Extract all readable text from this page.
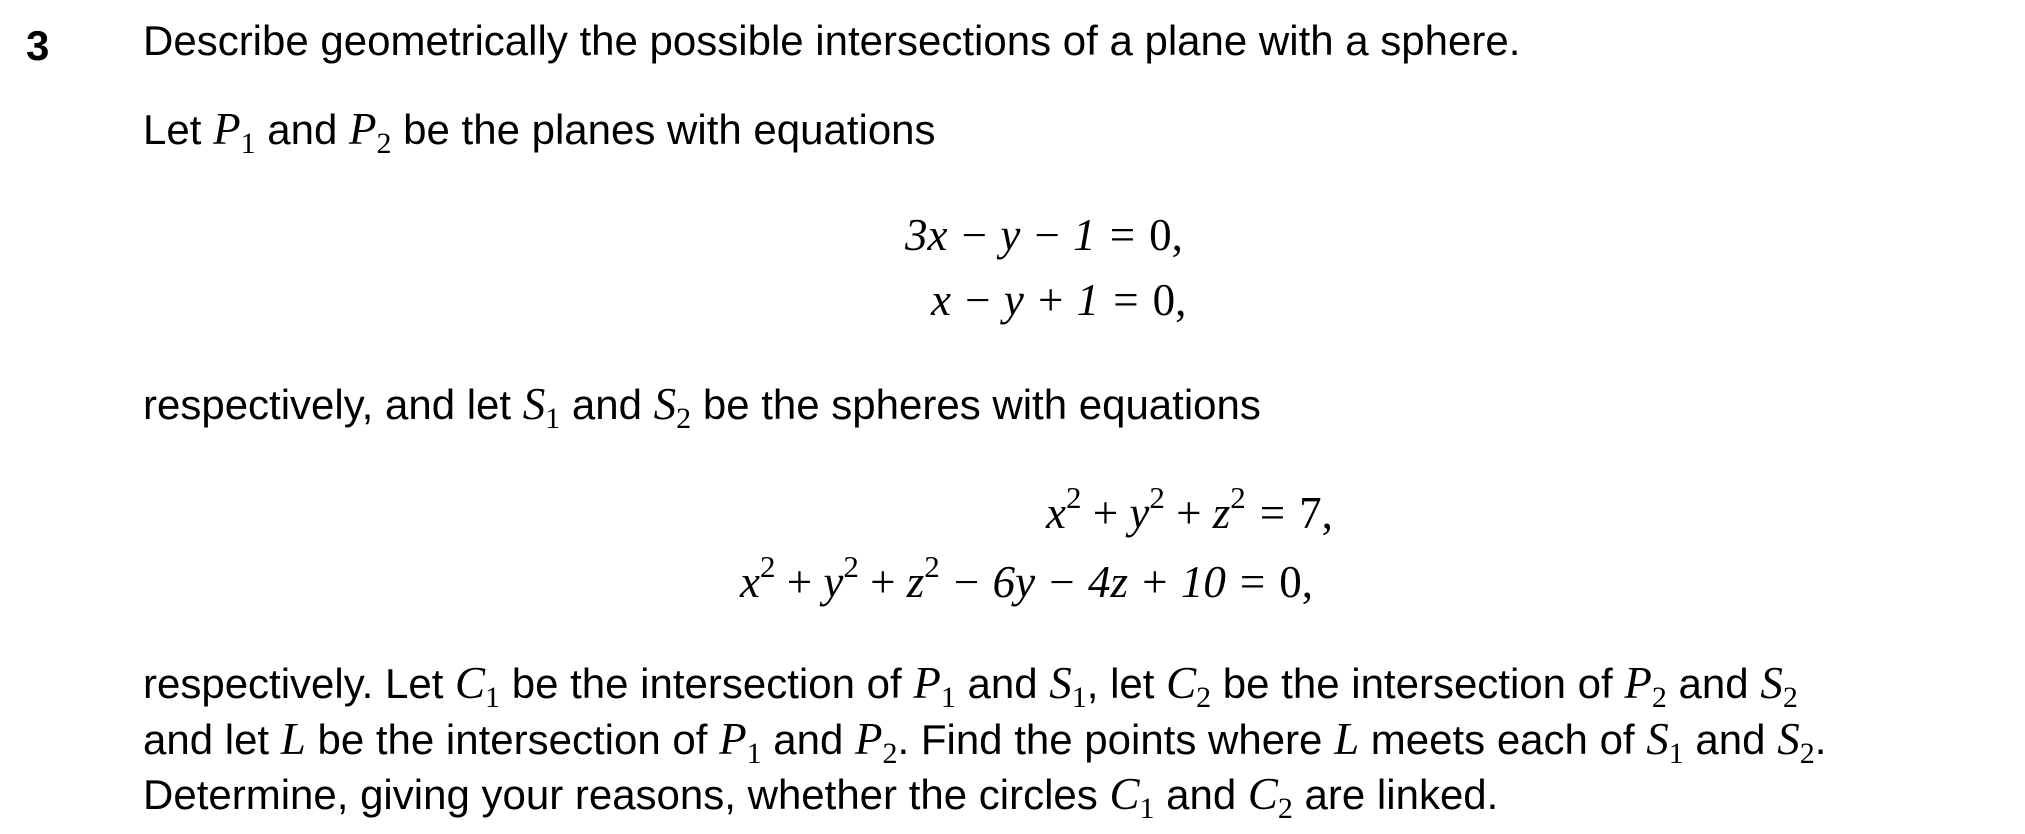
3 Describe geometrically the possible intersections of a plane with a sphere.
Let $P_1$ and $P_2$ be the planes with equations
3x − y − 1 = 0,
x − y + 1 = 0,
respectively, and let $S_1$ and $S_2$ be the spheres with equations
$x^2 + y^2 + z^2 = 7$,
$x^2 + y^2 + z^2 - 6y - 4z + 10 = 0$,
respectively. Let $C_1$ be the intersection of $P_1$ and $S_1$, let $C_2$ be the intersection of $P_2$ and $S_2$
and let L be the intersection of $P_1$ and $P_2$. Find the points where L meets each of $S_1$ and $S_2$.
Determine, giving your reasons, whether the circles $C_1$ and $C_2$ are linked.
